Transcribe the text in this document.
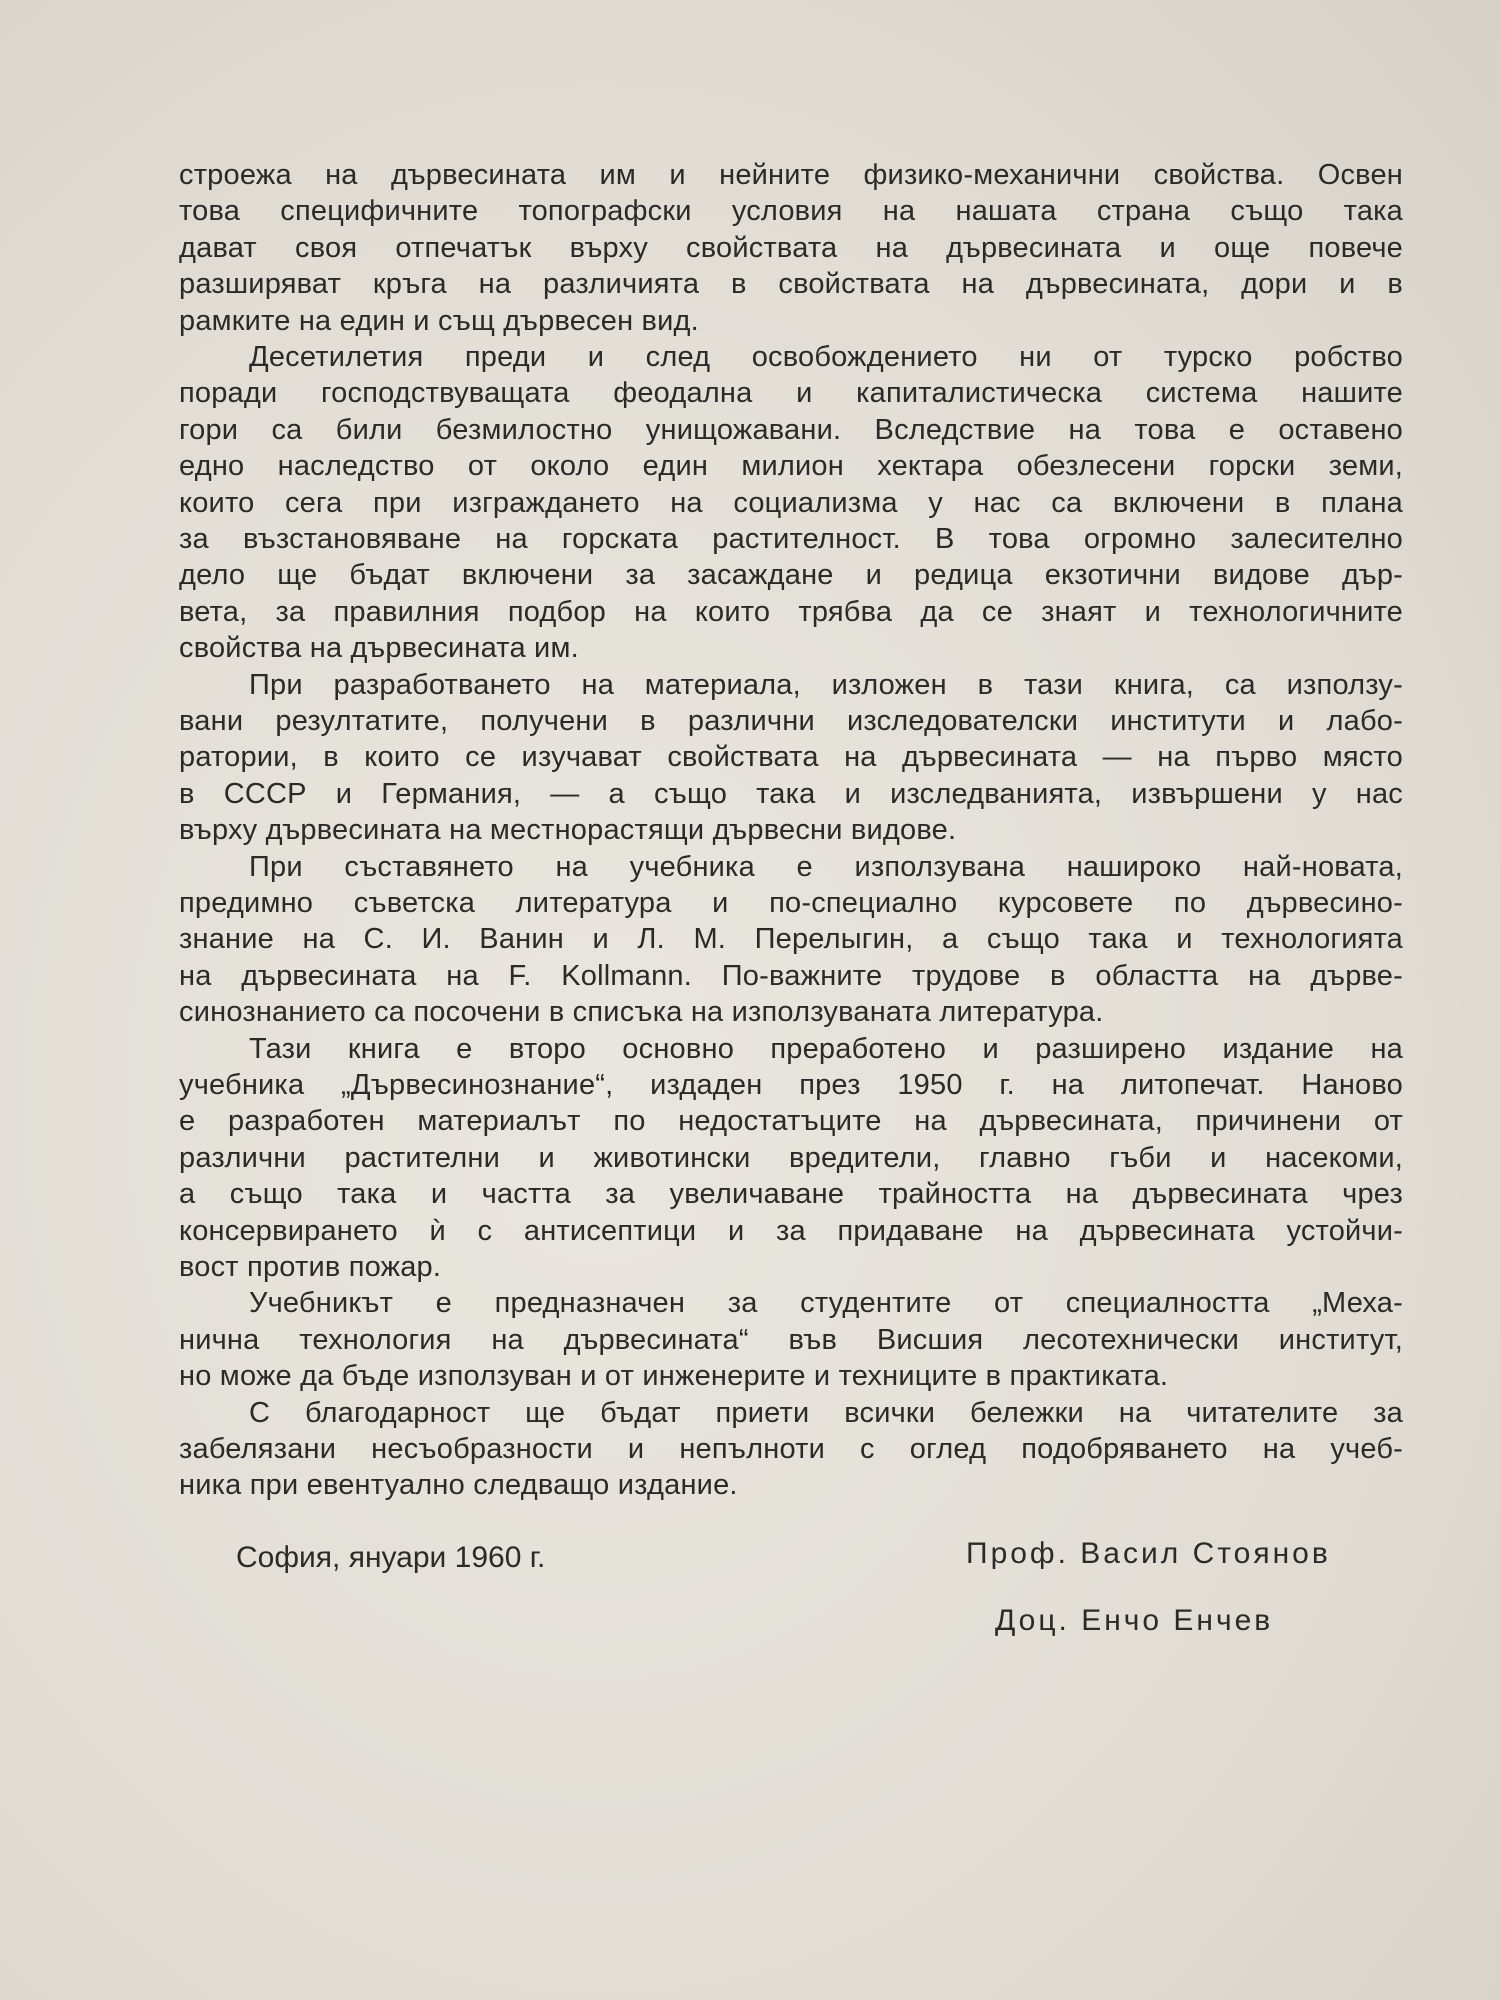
строежа на дървесината им и нейните физико-механични свойства. Освен
това специфичните топографски условия на нашата страна също така
дават своя отпечатък върху свойствата на дървесината и още повече
разширяват кръга на различията в свойствата на дървесината, дори и в
рамките на един и същ дървесен вид.
Десетилетия преди и след освобождението ни от турско робство
поради господствуващата феодална и капиталистическа система нашите
гори са били безмилостно унищожавани. Вследствие на това е оставено
едно наследство от около един милион хектара обезлесени горски земи,
които сега при изграждането на социализма у нас са включени в плана
за възстановяване на горската растителност. В това огромно залесително
дело ще бъдат включени за засаждане и редица екзотични видове дър-
вета, за правилния подбор на които трябва да се знаят и технологичните
свойства на дървесината им.
При разработването на материала, изложен в тази книга, са използу-
вани резултатите, получени в различни изследователски институти и лабо-
ратории, в които се изучават свойствата на дървесината — на първо място
в СССР и Германия, — а също така и изследванията, извършени у нас
върху дървесината на местнорастящи дървесни видове.
При съставянето на учебника е използувана нашироко най-новата,
предимно съветска литература и по-специално курсовете по дървесино-
знание на С. И. Ванин и Л. М. Перелыгин, а също така и технологията
на дървесината на F. Kollmann. По-важните трудове в областта на дърве-
синознанието са посочени в списъка на използуваната литература.
Тази книга е второ основно преработено и разширено издание на
учебника „Дървесинознание“, издаден през 1950 г. на литопечат. Наново
е разработен материалът по недостатъците на дървесината, причинени от
различни растителни и животински вредители, главно гъби и насекоми,
а също така и частта за увеличаване трайността на дървесината чрез
консервирането ѝ с антисептици и за придаване на дървесината устойчи-
вост против пожар.
Учебникът е предназначен за студентите от специалността „Меха-
нична технология на дървесината“ във Висшия лесотехнически институт,
но може да бъде използуван и от инженерите и техниците в практиката.
С благодарност ще бъдат приети всички бележки на читателите за
забелязани несъобразности и непълноти с оглед подобряването на учеб-
ника при евентуално следващо издание.
София, януари 1960 г.	Проф. Васил Стоянов
Доц. Енчо Енчев
